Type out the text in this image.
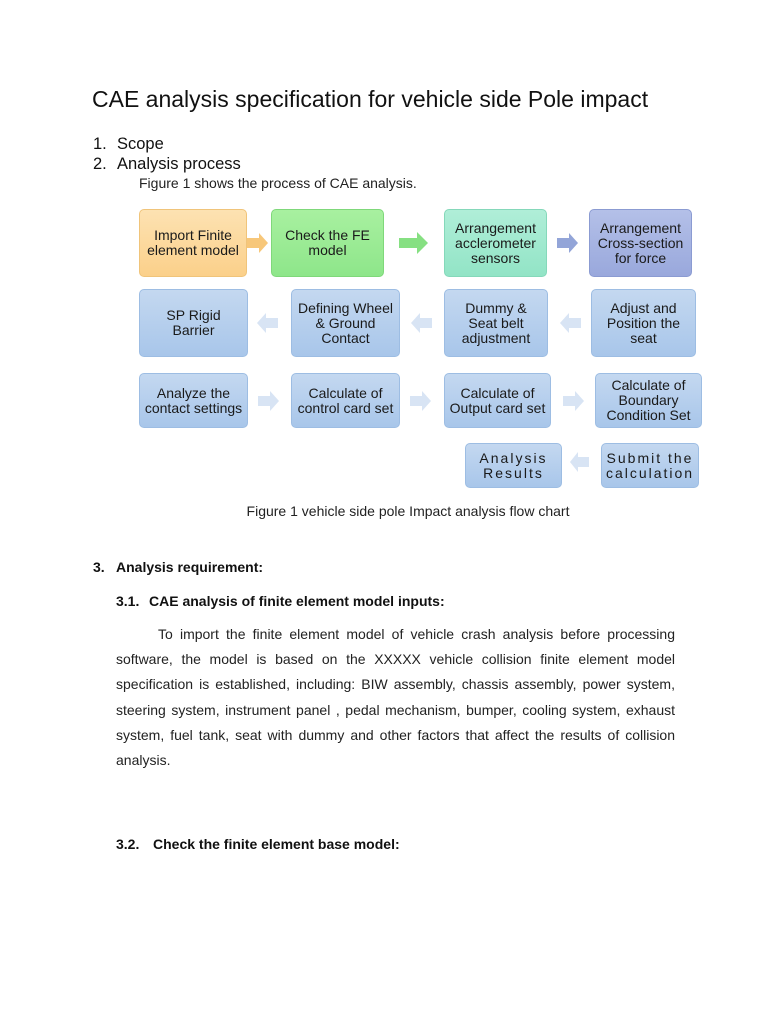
CAE analysis specification for vehicle side Pole impact
1. Scope
2. Analysis process
Figure 1 shows the process of CAE analysis.
Import Finite element model
Check the FE model
Arrangement acclerometer sensors
Arrangement Cross-section for force
SP Rigid Barrier
Defining Wheel & Ground Contact
Dummy & Seat belt adjustment
Adjust and Position the seat
Analyze the contact settings
Calculate of control card set
Calculate of Output card set
Calculate of Boundary Condition Set
Analysis Results
Submit the calculation
Figure 1 vehicle side pole Impact analysis flow chart
3. Analysis requirement:
3.1. CAE analysis of finite element model inputs:
To import the finite element model of vehicle crash analysis before processing software, the model is based on the XXXXX vehicle collision finite element model specification is established, including: BIW assembly, chassis assembly, power system, steering system, instrument panel , pedal mechanism, bumper, cooling system, exhaust system, fuel tank, seat with dummy and other factors that affect the results of collision analysis.
3.2. Check the finite element base model:
